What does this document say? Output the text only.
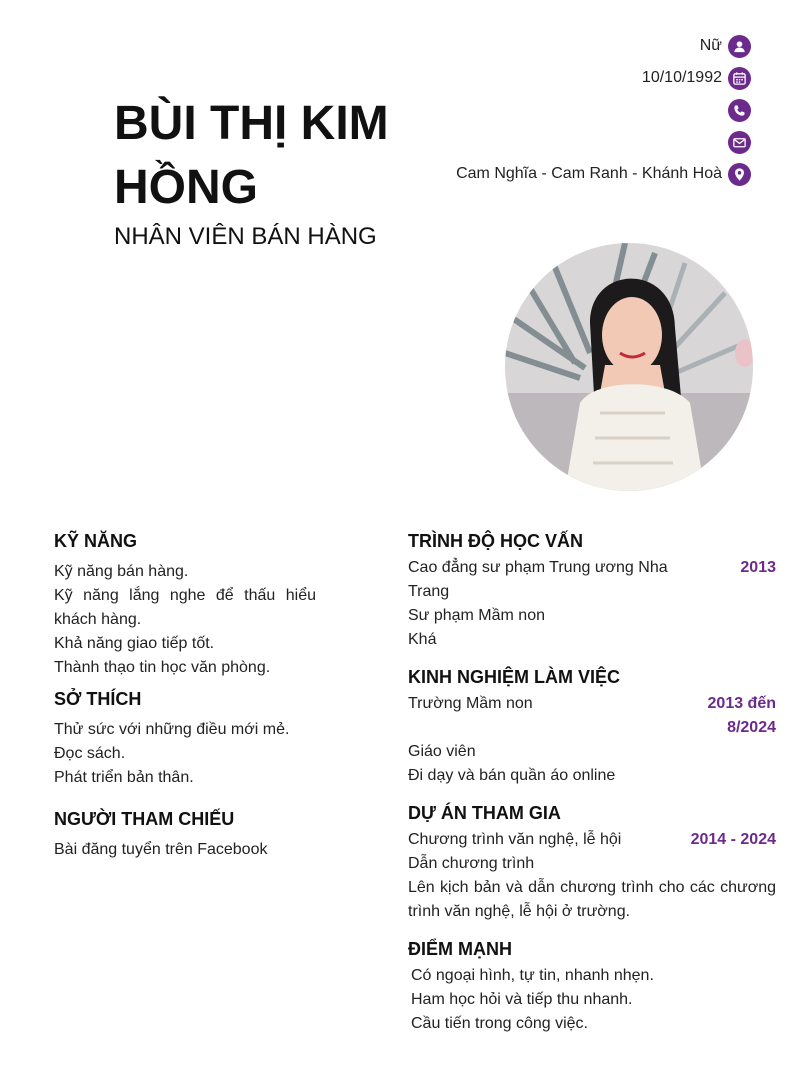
BÙI THỊ KIM HỒNG
NHÂN VIÊN BÁN HÀNG
Nữ
10/10/1992
Cam Nghĩa - Cam Ranh - Khánh Hoà
KỸ NĂNG
Kỹ năng bán hàng.
Kỹ năng lắng nghe để thấu hiểu khách hàng.
Khả năng giao tiếp tốt.
Thành thạo tin học văn phòng.
SỞ THÍCH
Thử sức với những điều mới mẻ.
Đọc sách.
Phát triển bản thân.
NGƯỜI THAM CHIẾU
Bài đăng tuyển trên Facebook
TRÌNH ĐỘ HỌC VẤN
Cao đẳng sư phạm Trung ương Nha Trang
2013
Sư phạm Mầm non
Khá
KINH NGHIỆM LÀM VIỆC
Trường Mầm non	2013 đến 8/2024
Giáo viên
Đi dạy và bán quần áo online
DỰ ÁN THAM GIA
Chương trình văn nghệ, lễ hội	2014 - 2024
Dẫn chương trình
Lên kịch bản và dẫn chương trình cho các chương trình văn nghệ, lễ hội ở trường.
ĐIỂM MẠNH
Có ngoại hình, tự tin, nhanh nhẹn.
Ham học hỏi và tiếp thu nhanh.
Cầu tiến trong công việc.
